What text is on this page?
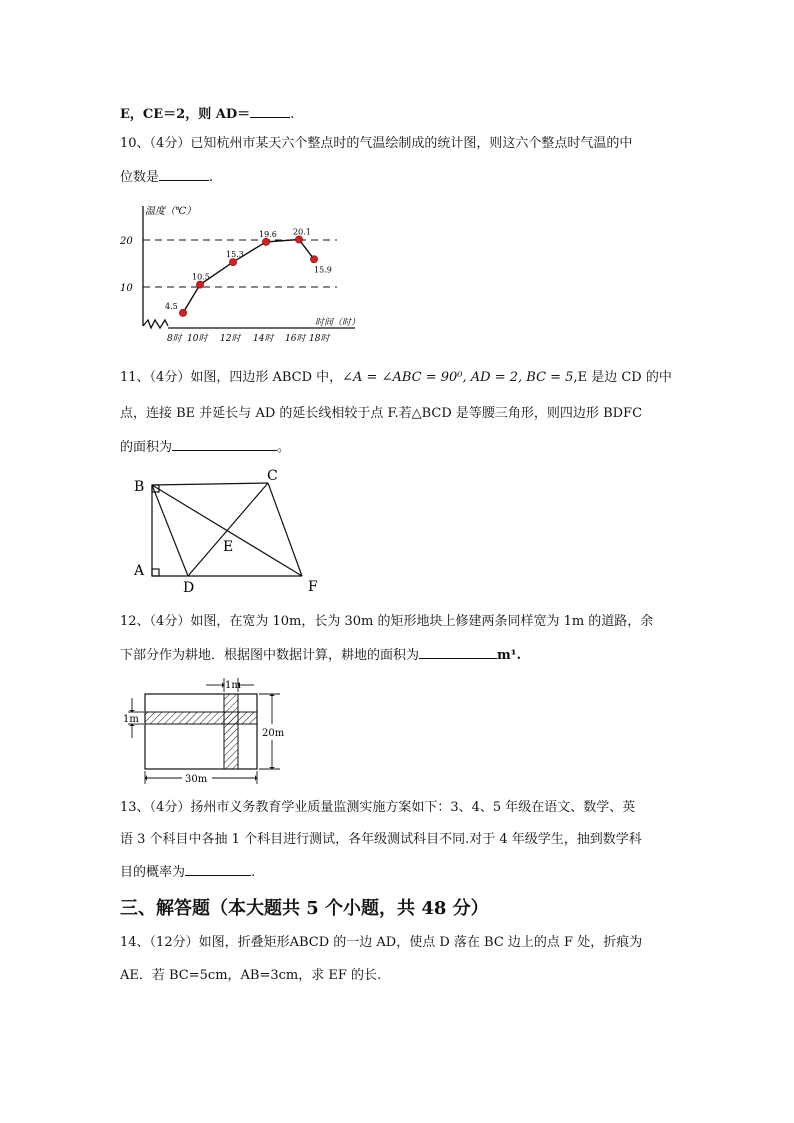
E，CE＝2，则 AD＝	.
10、（4分）已知杭州市某天六个整点时的气温绘制成的统计图，则这六个整点时气温的中
位数是	.
温度（℃）
时间（时）
10
20
8时 10时 12时 14时 16时 18时
4.5
10.5
15.3
19.6 20.1
15.9
11、（4分）如图，四边形 ABCD 中，∠A = ∠ABC = 90⁰, AD = 2, BC = 5,E 是边 CD 的中
点，连接 BE 并延长与 AD 的延长线相较于点 F.若△BCD 是等腰三角形，则四边形 BDFC
的面积为	。
B
C
A
D
E
F
12、（4分）如图，在宽为 10m，长为 30m 的矩形地块上修建两条同样宽为 1m 的道路，余
下部分作为耕地．根据图中数据计算，耕地的面积为	m¹.
1m
1m
20m
30m
13、（4分）扬州市义务教育学业质量监测实施方案如下：3、4、5 年级在语文、数学、英
语 3 个科目中各抽 1 个科目进行测试，各年级测试科目不同.对于 4 年级学生，抽到数学科
目的概率为	.
三、解答题（本大题共 5 个小题，共 48 分）
14、（12分）如图，折叠矩形ABCD 的一边 AD，使点 D 落在 BC 边上的点 F 处，折痕为
AE．若 BC=5cm，AB=3cm，求 EF 的长.
